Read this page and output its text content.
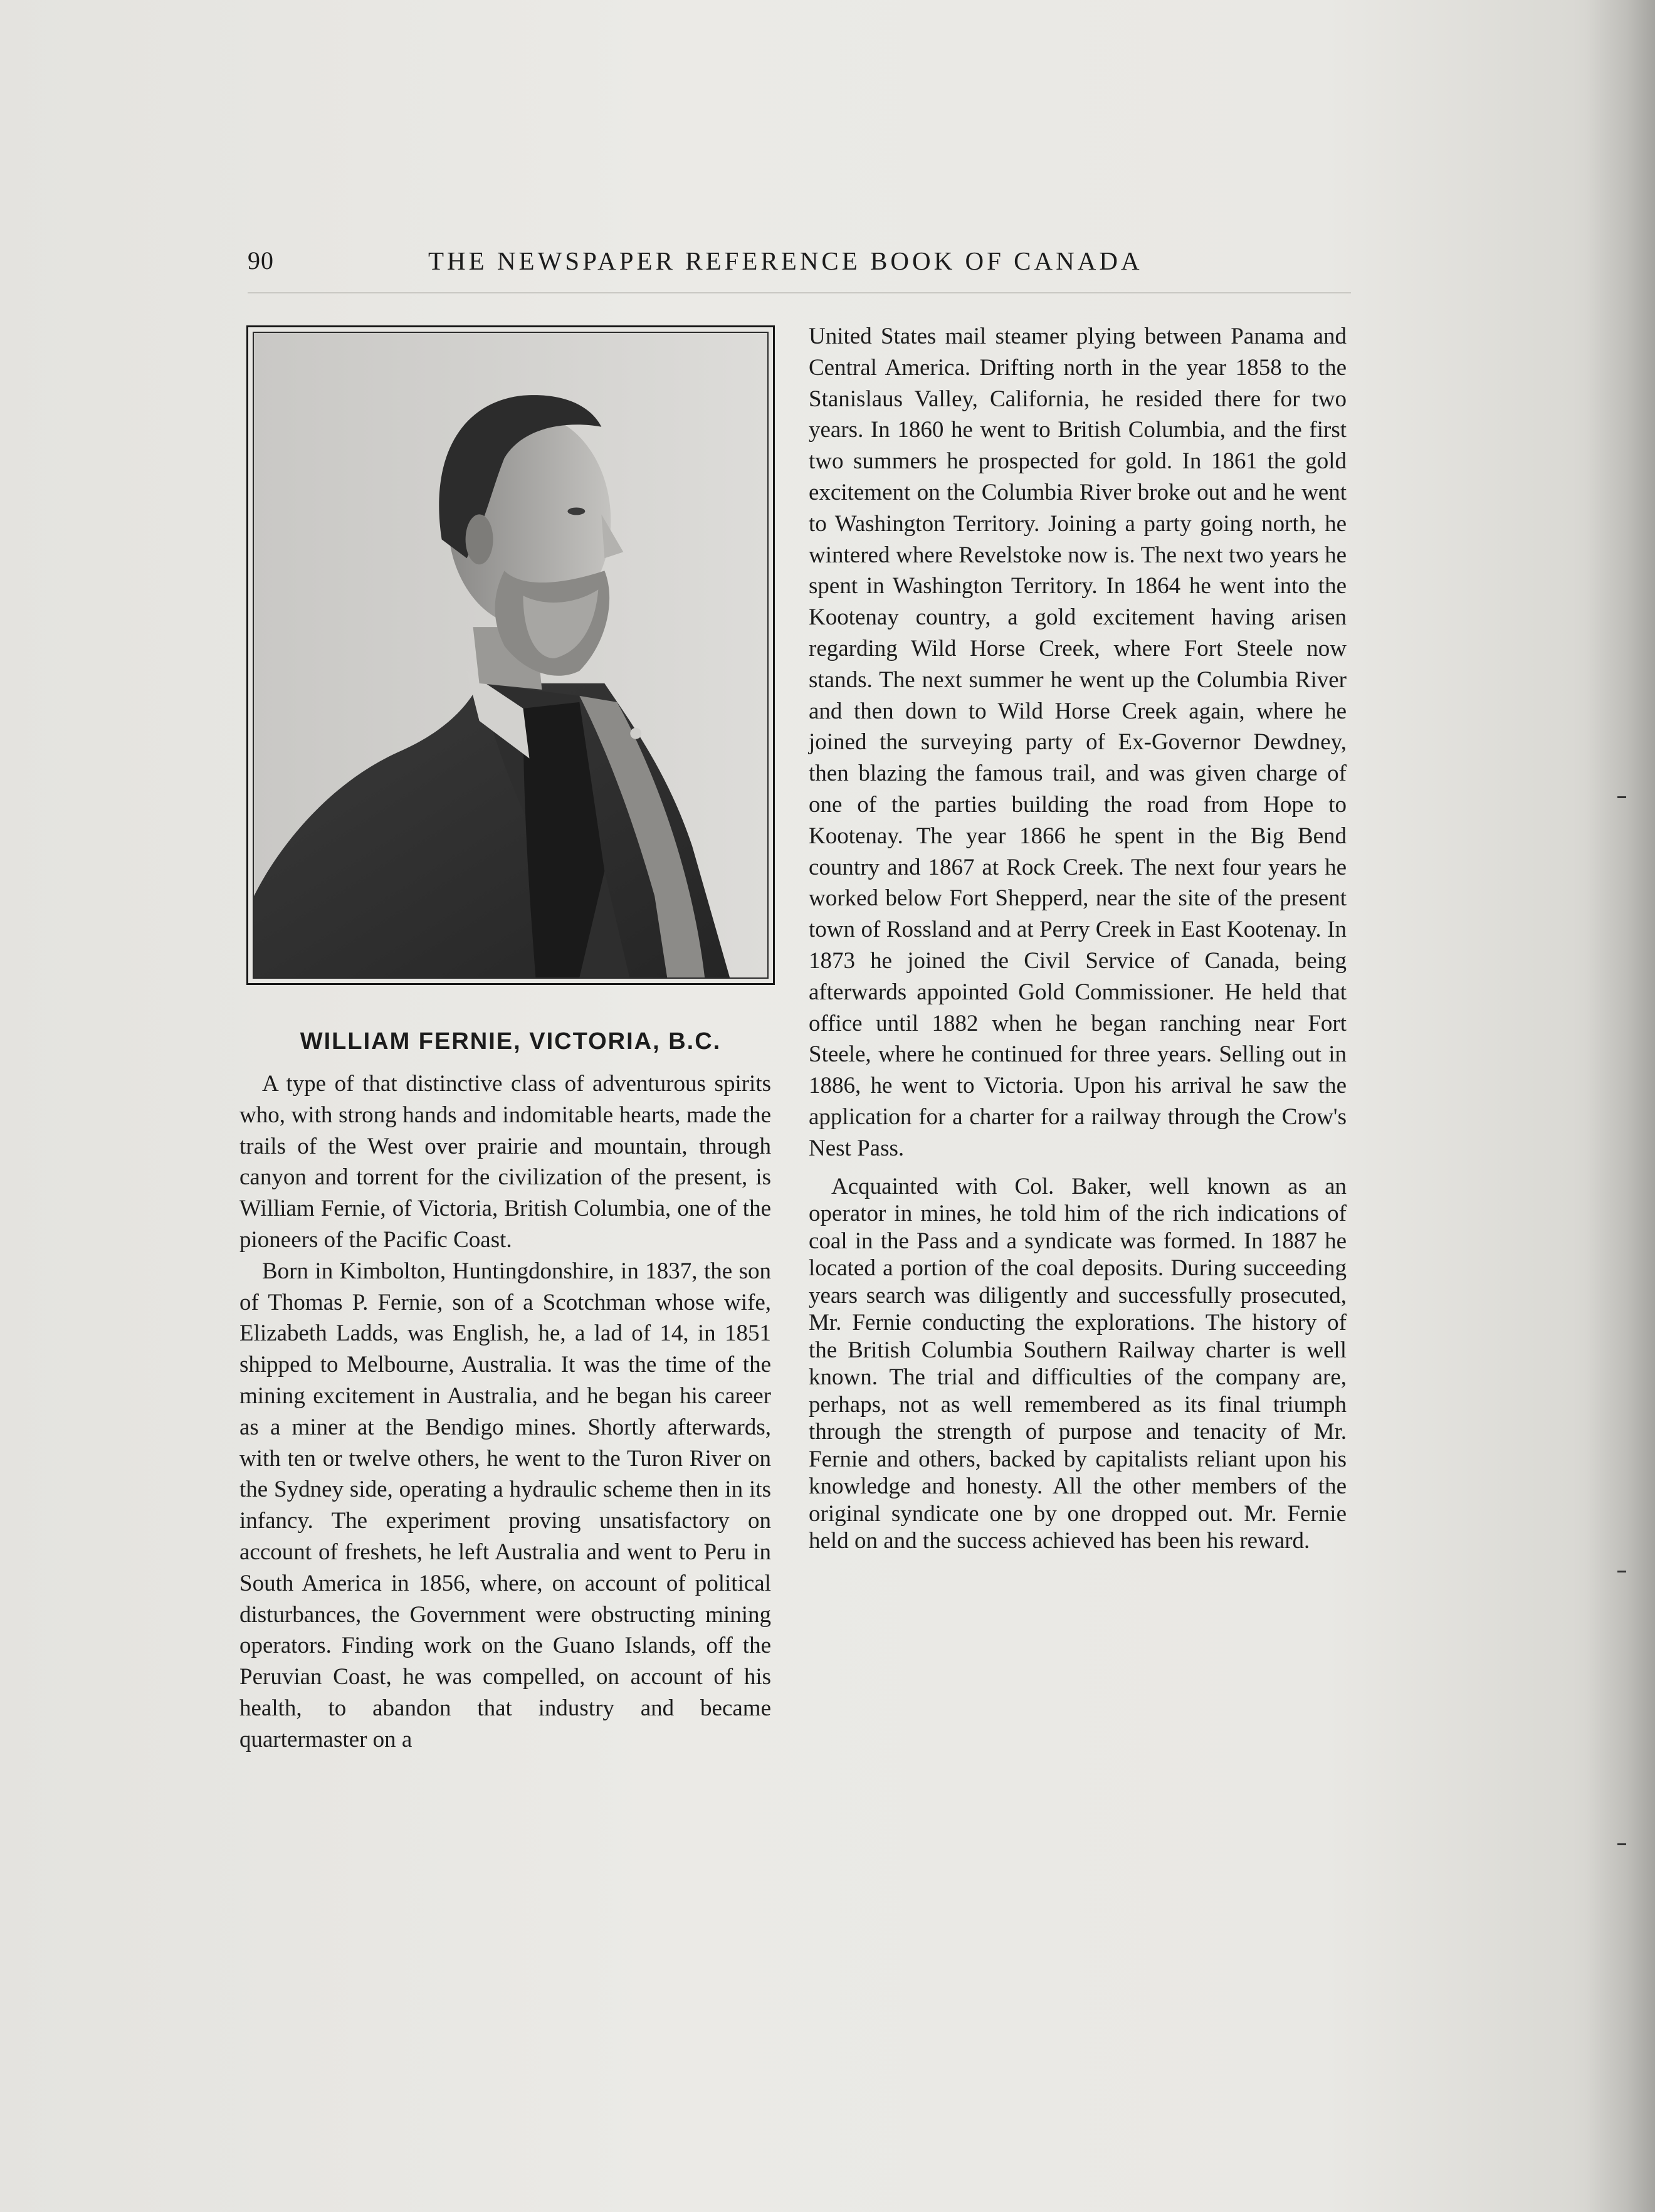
90	THE NEWSPAPER REFERENCE BOOK OF CANADA
WILLIAM FERNIE, VICTORIA, B.C.

A type of that distinctive class of adventurous spirits who, with strong hands and indomitable hearts, made the trails of the West over prairie and mountain, through canyon and torrent for the civilization of the present, is William Fernie, of Victoria, British Columbia, one of the pioneers of the Pacific Coast.

Born in Kimbolton, Huntingdonshire, in 1837, the son of Thomas P. Fernie, son of a Scotchman whose wife, Elizabeth Ladds, was English, he, a lad of 14, in 1851 shipped to Melbourne, Australia. It was the time of the mining excitement in Australia, and he began his career as a miner at the Bendigo mines. Shortly afterwards, with ten or twelve others, he went to the Turon River on the Sydney side, operating a hydraulic scheme then in its infancy. The experiment proving unsatisfactory on account of freshets, he left Australia and went to Peru in South America in 1856, where, on account of political disturbances, the Government were obstructing mining operators. Finding work on the Guano Islands, off the Peruvian Coast, he was compelled, on account of his health, to abandon that industry and became quartermaster on a

United States mail steamer plying between Panama and Central America. Drifting north in the year 1858 to the Stanislaus Valley, California, he resided there for two years. In 1860 he went to British Columbia, and the first two summers he prospected for gold. In 1861 the gold excitement on the Columbia River broke out and he went to Washington Territory. Joining a party going north, he wintered where Revelstoke now is. The next two years he spent in Washington Territory. In 1864 he went into the Kootenay country, a gold excitement having arisen regarding Wild Horse Creek, where Fort Steele now stands. The next summer he went up the Columbia River and then down to Wild Horse Creek again, where he joined the surveying party of Ex-Governor Dewdney, then blazing the famous trail, and was given charge of one of the parties building the road from Hope to Kootenay. The year 1866 he spent in the Big Bend country and 1867 at Rock Creek. The next four years he worked below Fort Shepperd, near the site of the present town of Rossland and at Perry Creek in East Kootenay. In 1873 he joined the Civil Service of Canada, being afterwards appointed Gold Commissioner. He held that office until 1882 when he began ranching near Fort Steele, where he continued for three years. Selling out in 1886, he went to Victoria. Upon his arrival he saw the application for a charter for a railway through the Crow's Nest Pass.

Acquainted with Col. Baker, well known as an operator in mines, he told him of the rich indications of coal in the Pass and a syndicate was formed. In 1887 he located a portion of the coal deposits. During succeeding years search was diligently and successfully prosecuted, Mr. Fernie conducting the explorations. The history of the British Columbia Southern Railway charter is well known. The trial and difficulties of the company are, perhaps, not as well remembered as its final triumph through the strength of purpose and tenacity of Mr. Fernie and others, backed by capitalists reliant upon his knowledge and honesty. All the other members of the original syndicate one by one dropped out. Mr. Fernie held on and the success achieved has been his reward.
